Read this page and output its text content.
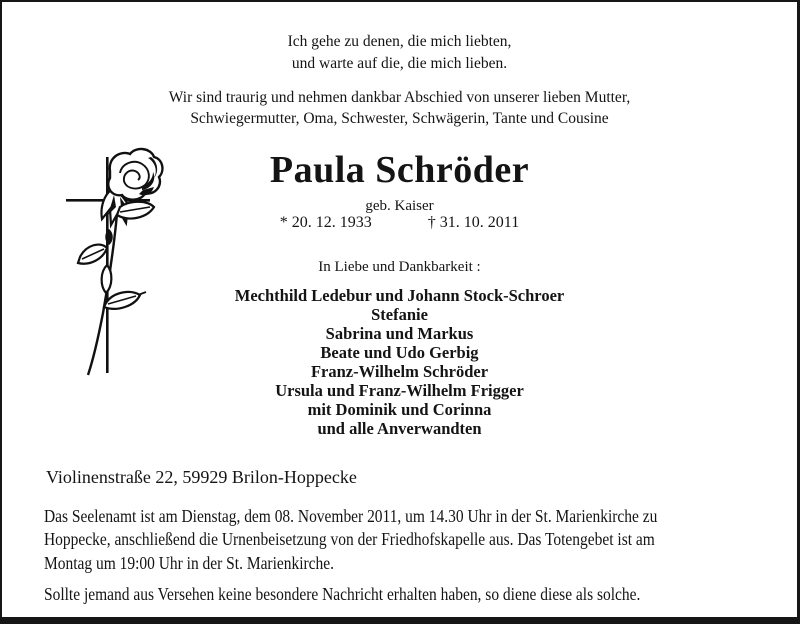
Ich gehe zu denen, die mich liebten,
und warte auf die, die mich lieben.
Wir sind traurig und nehmen dankbar Abschied von unserer lieben Mutter,
Schwiegermutter, Oma, Schwester, Schwägerin, Tante und Cousine
Paula Schröder
geb. Kaiser
* 20. 12. 1933	† 31. 10. 2011
In Liebe und Dankbarkeit :
Mechthild Ledebur und Johann Stock-Schroer
Stefanie
Sabrina und Markus
Beate und Udo Gerbig
Franz-Wilhelm Schröder
Ursula und Franz-Wilhelm Frigger
mit Dominik und Corinna
und alle Anverwandten
Violinenstraße 22, 59929 Brilon-Hoppecke
Das Seelenamt ist am Dienstag, dem 08. November 2011, um 14.30 Uhr in der St. Marienkirche zu
Hoppecke, anschließend die Urnenbeisetzung von der Friedhofskapelle aus. Das Totengebet ist am
Montag um 19:00 Uhr in der St. Marienkirche.
Sollte jemand aus Versehen keine besondere Nachricht erhalten haben, so diene diese als solche.
